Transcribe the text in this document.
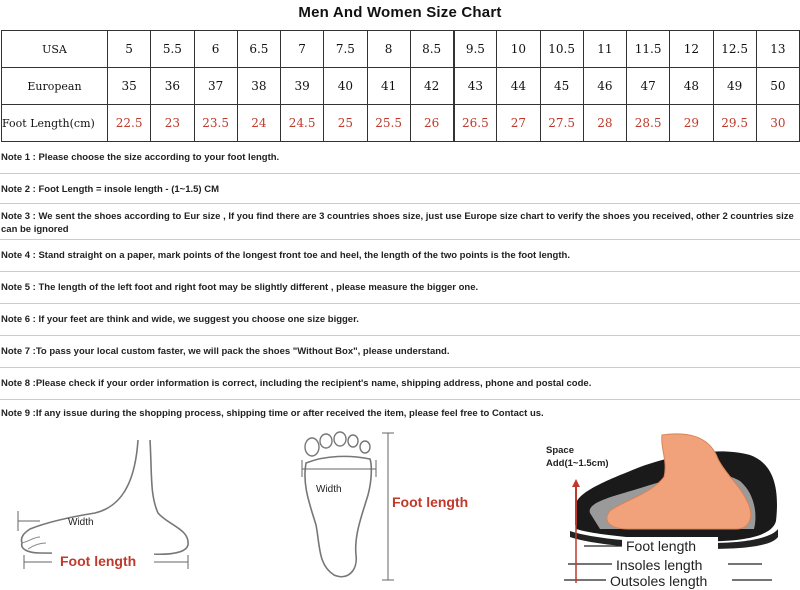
Men And Women Size Chart
USA	5	5.5	6	6.5	7	7.5	8	8.5	9.5	10	10.5	11	11.5	12	12.5	13
European	35	36	37	38	39	40	41	42	43	44	45	46	47	48	49	50
Foot Length(cm)	22.5	23	23.5	24	24.5	25	25.5	26	26.5	27	27.5	28	28.5	29	29.5	30
Note 1 : Please choose the size according to your foot length.
Note 2 : Foot Length = insole length - (1~1.5) CM
Note 3 : We sent the shoes according to Eur size , If you find there are 3 countries shoes size, just use Europe size chart to verify the shoes you received, other 2 countries size can be ignored
Note 4 : Stand straight on a paper, mark points of the longest front toe and heel, the length of the two points is the foot length.
Note 5 : The length of the left foot and right foot may be slightly different , please measure the bigger one.
Note 6 : If your feet are think and wide, we suggest you choose one size bigger.
Note 7 :To pass your local custom faster, we will pack the shoes "Without Box", please understand.
Note 8 :Please check if your order information is correct, including the recipient's name, shipping address, phone and postal code.
Note 9 :If any issue during the shopping process, shipping time or after received the item, please feel free to Contact us.
Width
Foot length
Width
Foot length
Space
Add(1~1.5cm)
Foot length
Insoles length
Outsoles length
